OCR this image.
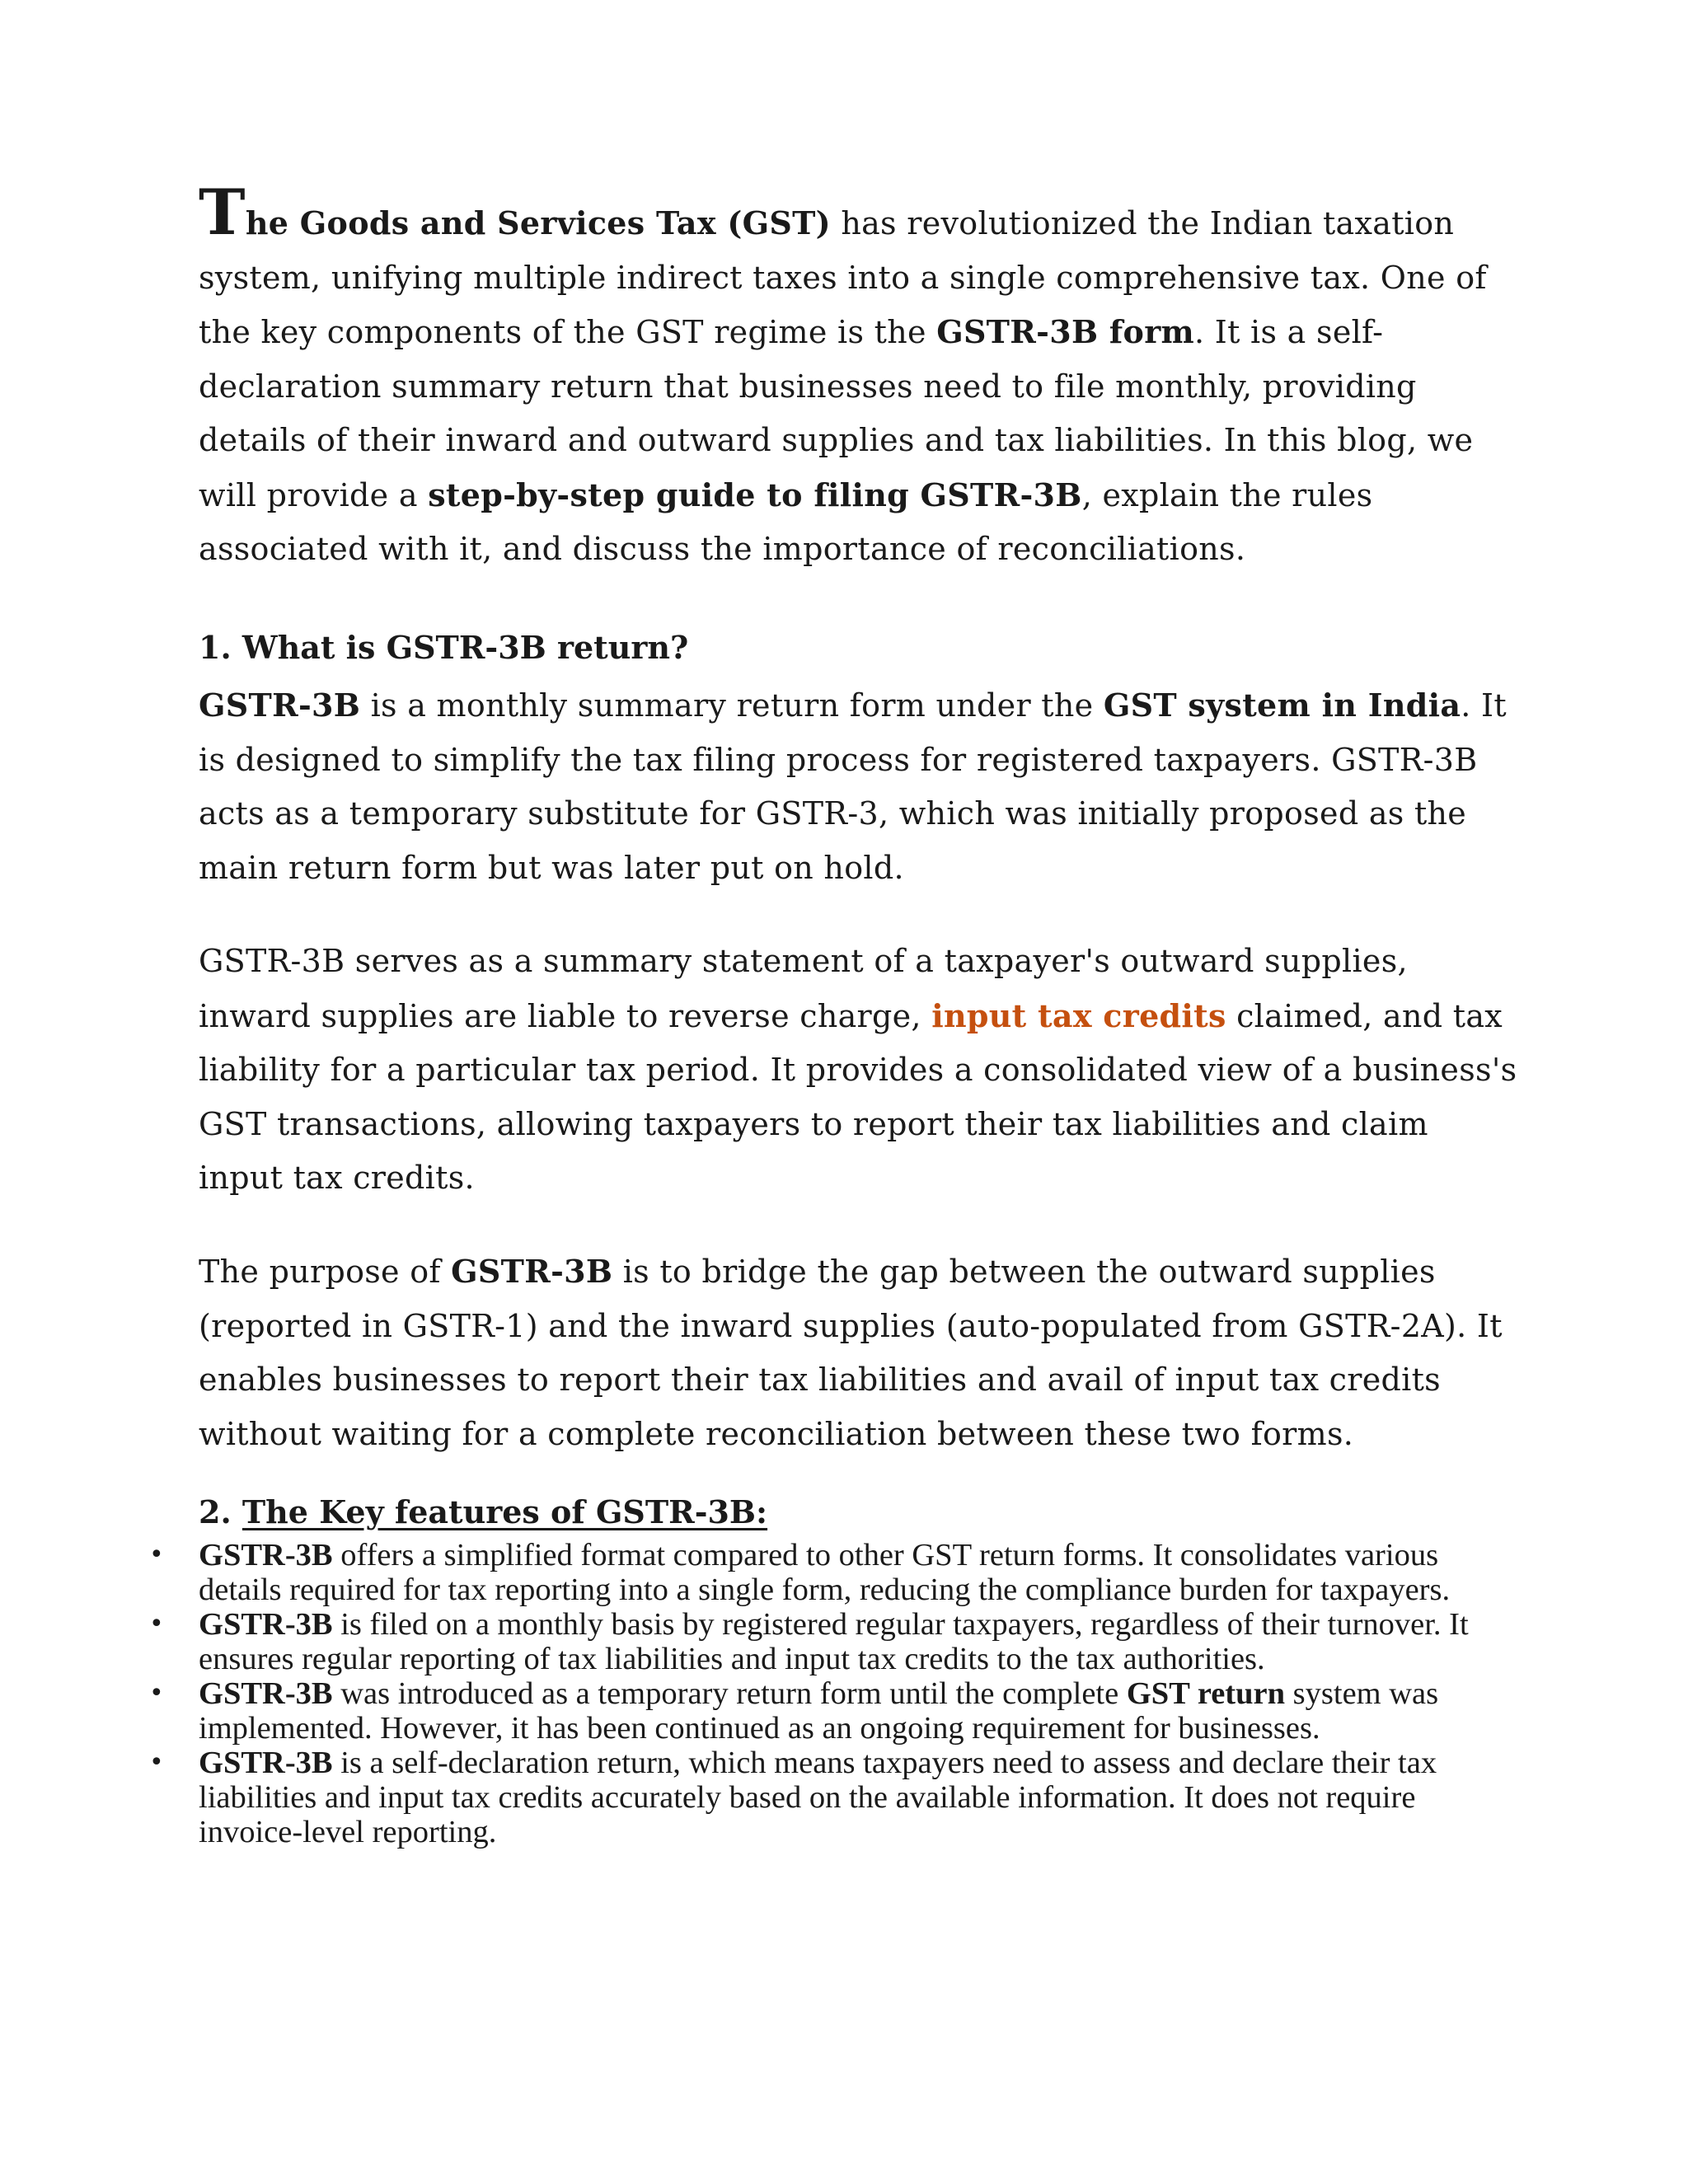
The Goods and Services Tax (GST) has revolutionized the Indian taxation system, unifying multiple indirect taxes into a single comprehensive tax. One of the key components of the GST regime is the GSTR-3B form. It is a self-declaration summary return that businesses need to file monthly, providing details of their inward and outward supplies and tax liabilities. In this blog, we will provide a step-by-step guide to filing GSTR-3B, explain the rules associated with it, and discuss the importance of reconciliations.

1. What is GSTR-3B return?

GSTR-3B is a monthly summary return form under the GST system in India. It is designed to simplify the tax filing process for registered taxpayers. GSTR-3B acts as a temporary substitute for GSTR-3, which was initially proposed as the main return form but was later put on hold.

GSTR-3B serves as a summary statement of a taxpayer's outward supplies, inward supplies are liable to reverse charge, input tax credits claimed, and tax liability for a particular tax period. It provides a consolidated view of a business's GST transactions, allowing taxpayers to report their tax liabilities and claim input tax credits.

The purpose of GSTR-3B is to bridge the gap between the outward supplies (reported in GSTR-1) and the inward supplies (auto-populated from GSTR-2A). It enables businesses to report their tax liabilities and avail of input tax credits without waiting for a complete reconciliation between these two forms.

2. The Key features of GSTR-3B:
• GSTR-3B offers a simplified format compared to other GST return forms. It consolidates various details required for tax reporting into a single form, reducing the compliance burden for taxpayers.
• GSTR-3B is filed on a monthly basis by registered regular taxpayers, regardless of their turnover. It ensures regular reporting of tax liabilities and input tax credits to the tax authorities.
• GSTR-3B was introduced as a temporary return form until the complete GST return system was implemented. However, it has been continued as an ongoing requirement for businesses.
• GSTR-3B is a self-declaration return, which means taxpayers need to assess and declare their tax liabilities and input tax credits accurately based on the available information. It does not require invoice-level reporting.
